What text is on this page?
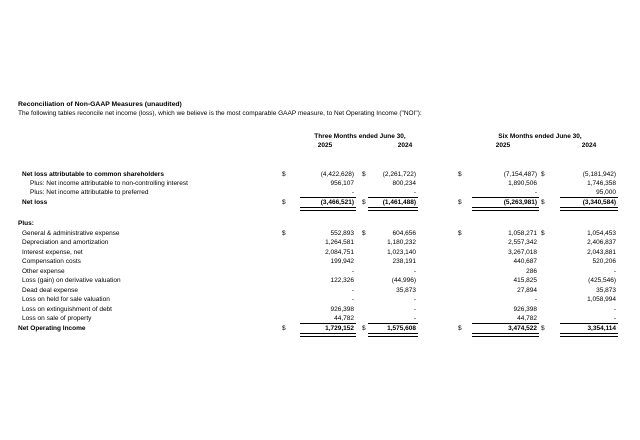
Reconciliation of Non-GAAP Measures (unaudited)
The following tables reconcile net income (loss), which we believe is the most comparable GAAP measure, to Net Operating Income ("NOI"):
Three Months ended June 30,	Six Months ended June 30,
2025	2024	2025	2024
Net loss attributable to common shareholders	$	(4,422,628) $	(2,261,722)	$	(7,154,487) $	(5,181,942)
Plus: Net income attributable to non-controlling interest	956,107	800,234	1,890,506	1,746,358
Plus: Net income attributable to preferred	-	-	-	95,000
Net loss	$	(3,466,521) $	(1,461,488)	$	(5,263,981) $	(3,340,584)
Plus:
General & administrative expense	$	552,893 $	604,656	$	1,058,271 $	1,054,453
Depreciation and amortization	1,264,581	1,180,232	2,557,342	2,406,837
Interest expense, net	2,084,751	1,023,140	3,267,018	2,043,881
Compensation costs	199,942	238,191	440,687	520,206
Other expense	-	-	286	-
Loss (gain) on derivative valuation	122,326	(44,996)	415,825	(425,546)
Dead deal expense	-	35,873	27,894	35,873
Loss on held for sale valuation	-	-	-	1,058,994
Loss on extinguishment of debt	926,398	-	926,398	-
Loss on sale of property	44,782	-	44,782	-
Net Operating Income	$	1,729,152 $	1,575,608	$	3,474,522 $	3,354,114
